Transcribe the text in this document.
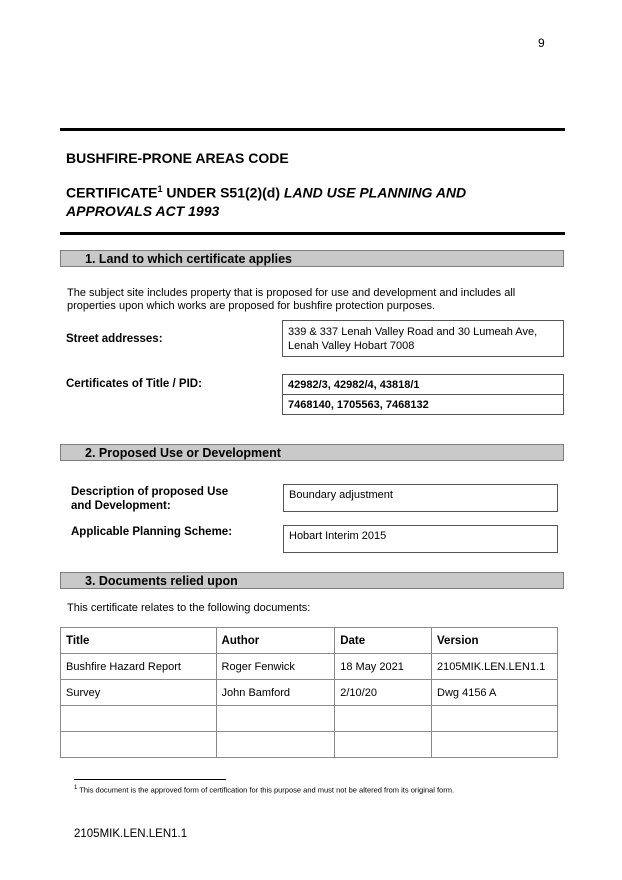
9
BUSHFIRE-PRONE AREAS CODE
CERTIFICATE$^1$ UNDER S51(2)(d) LAND USE PLANNING AND APPROVALS ACT 1993
1. Land to which certificate applies
The subject site includes property that is proposed for use and development and includes all properties upon which works are proposed for bushfire protection purposes.
Street addresses:
339 & 337 Lenah Valley Road and 30 Lumeah Ave,
Lenah Valley Hobart 7008
Certificates of Title / PID:	42982/3, 42982/4, 43818/1
7468140, 1705563, 7468132
2. Proposed Use or Development
Description of proposed Use
and Development:
Boundary adjustment
Applicable Planning Scheme:	Hobart Interim 2015
3. Documents relied upon
This certificate relates to the following documents:
Title	Author	Date	Version
Bushfire Hazard Report	Roger Fenwick	18 May 2021	2105MIK.LEN.LEN1.1
Survey	John Bamford	2/10/20	Dwg 4156 A

$^1$ This document is the approved form of certification for this purpose and must not be altered from its original form.
2105MIK.LEN.LEN1.1
